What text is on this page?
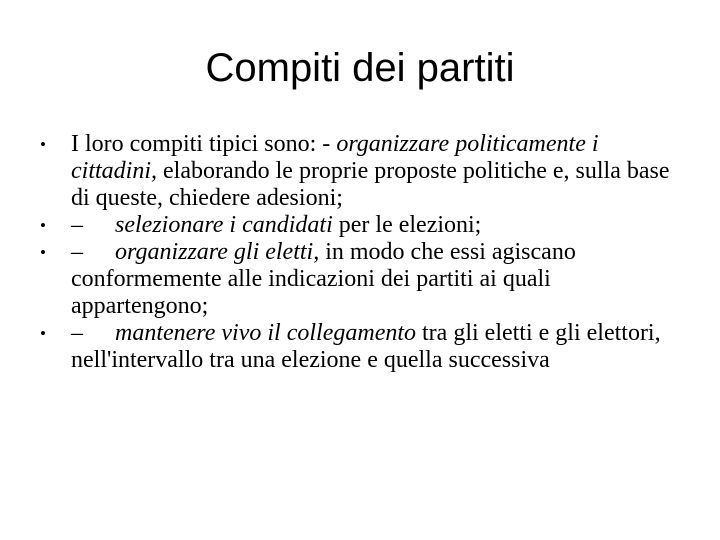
Compiti dei partiti
• I loro compiti tipici sono: - organizzare politicamente i cittadini, elaborando le proprie proposte politiche e, sulla base di queste, chiedere adesioni;
• – selezionare i candidati per le elezioni;
• – organizzare gli eletti, in modo che essi agiscano conformemente alle indicazioni dei partiti ai quali appartengono;
• – mantenere vivo il collegamento tra gli eletti e gli elettori, nell'intervallo tra una elezione e quella successiva
